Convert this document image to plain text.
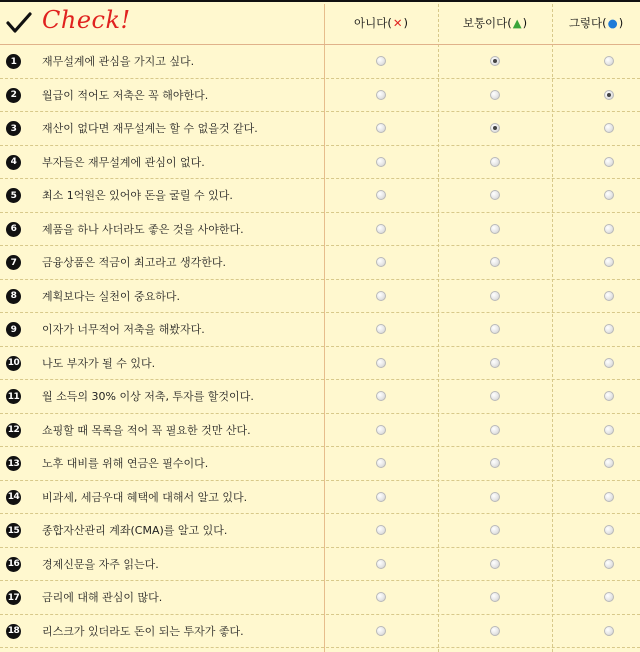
Check!	아니다 ( ✕ )	보통이다 ( ▲ )	그렇다 ( ● )
1	재무설계에 관심을 가지고 싶다.
2	월급이 적어도 저축은 꼭 해야한다.
3	재산이 없다면 재무설계는 할 수 없을것 같다.
4	부자들은 재무설계에 관심이 없다.
5	최소 1억원은 있어야 돈을 굴릴 수 있다.
6	제품을 하나 사더라도 좋은 것을 사야한다.
7	금융상품은 적금이 최고라고 생각한다.
8	계획보다는 실천이 중요하다.
9	이자가 너무적어 저축을 해봤자다.
10 나도 부자가 될 수 있다.
11 월 소득의 30% 이상 저축, 투자를 할것이다.
12 쇼핑할 때 목록을 적어 꼭 필요한 것만 산다.
13 노후 대비를 위해 연금은 필수이다.
14 비과세, 세금우대 혜택에 대해서 알고 있다.
15 종합자산관리 계좌(CMA)를 알고 있다.
16 경제신문을 자주 읽는다.
17 금리에 대해 관심이 많다.
18 리스크가 있더라도 돈이 되는 투자가 좋다.
